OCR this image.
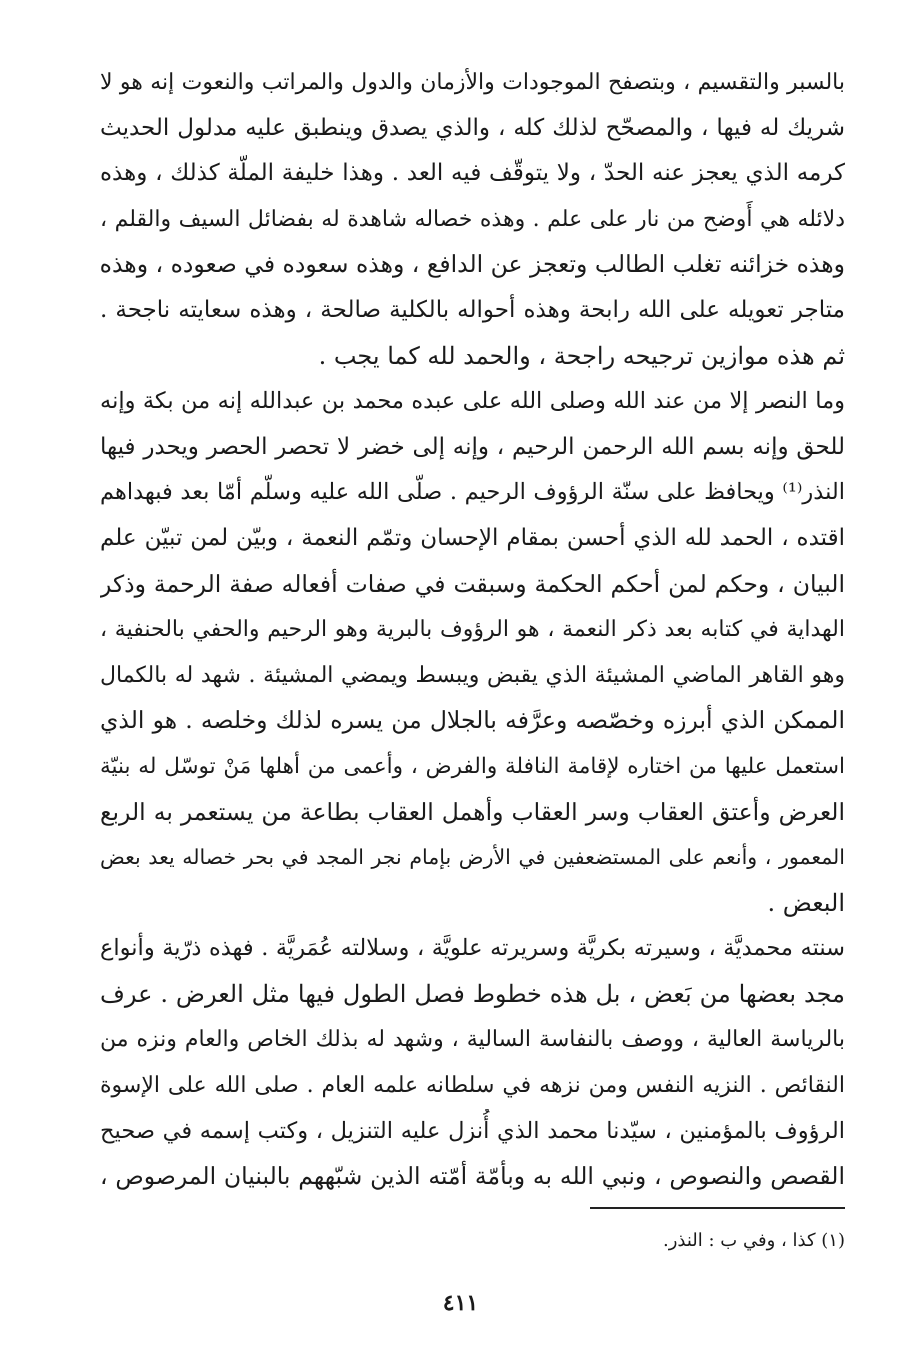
بالسبر والتقسيم ، وبتصفح الموجودات والأزمان والدول والمراتب والنعوت إنه هو لا
شريك له فيها ، والمصحّح لذلك كله ، والذي يصدق وينطبق عليه مدلول الحديث
كرمه الذي يعجز عنه الحدّ ، ولا يتوقّف فيه العد . وهذا خليفة الملّة كذلك ، وهذه
دلائله هي أَوضح من نار على علم . وهذه خصاله شاهدة له بفضائل السيف والقلم ،
وهذه خزائنه تغلب الطالب وتعجز عن الدافع ، وهذه سعوده في صعوده ، وهذه
متاجر تعويله على الله رابحة وهذه أحواله بالكلية صالحة ، وهذه سعايته ناجحة .
ثم هذه موازين ترجيحه راجحة ، والحمد لله كما يجب .
وما النصر إلا من عند الله وصلى الله على عبده محمد بن عبدالله إنه من بكة وإنه
للحق وإنه بسم الله الرحمن الرحيم ، وإنه إلى خضر لا تحصر الحصر ويحدر فيها
النذر⁽¹⁾ ويحافظ على سنّة الرؤوف الرحيم . صلّى الله عليه وسلّم أمّا بعد فبهداهم
اقتده ، الحمد لله الذي أحسن بمقام الإحسان وتمّم النعمة ، وبيّن لمن تبيّن علم
البيان ، وحكم لمن أحكم الحكمة وسبقت في صفات أفعاله صفة الرحمة وذكر
الهداية في كتابه بعد ذكر النعمة ، هو الرؤوف بالبرية وهو الرحيم والحفي بالحنفية ،
وهو القاهر الماضي المشيئة الذي يقبض ويبسط ويمضي المشيئة . شهد له بالكمال
الممكن الذي أبرزه وخصّصه وعرَّفه بالجلال من يسره لذلك وخلصه . هو الذي
استعمل عليها من اختاره لإقامة النافلة والفرض ، وأعمى من أهلها مَنْ توسّل له بنيّة
العرض وأعتق العقاب وسر العقاب وأهمل العقاب بطاعة من يستعمر به الربع
المعمور ، وأنعم على المستضعفين في الأرض بإمام نجر المجد في بحر خصاله يعد بعض
البعض .
سنته محمديَّة ، وسيرته بكريَّة وسريرته علويَّة ، وسلالته عُمَريَّة . فهذه ذرّية وأنواع
مجد بعضها من بَعض ، بل هذه خطوط فصل الطول فيها مثل العرض . عرف
بالرياسة العالية ، ووصف بالنفاسة السالية ، وشهد له بذلك الخاص والعام ونزه من
النقائص . النزيه النفس ومن نزهه في سلطانه علمه العام . صلى الله على الإسوة
الرؤوف بالمؤمنين ، سيّدنا محمد الذي أُنزل عليه التنزيل ، وكتب إسمه في صحيح
القصص والنصوص ، ونبي الله به وبأمّة أمّته الذين شبّههم بالبنيان المرصوص ،
(١) كذا ، وفي ب : النذر.
٤١١
